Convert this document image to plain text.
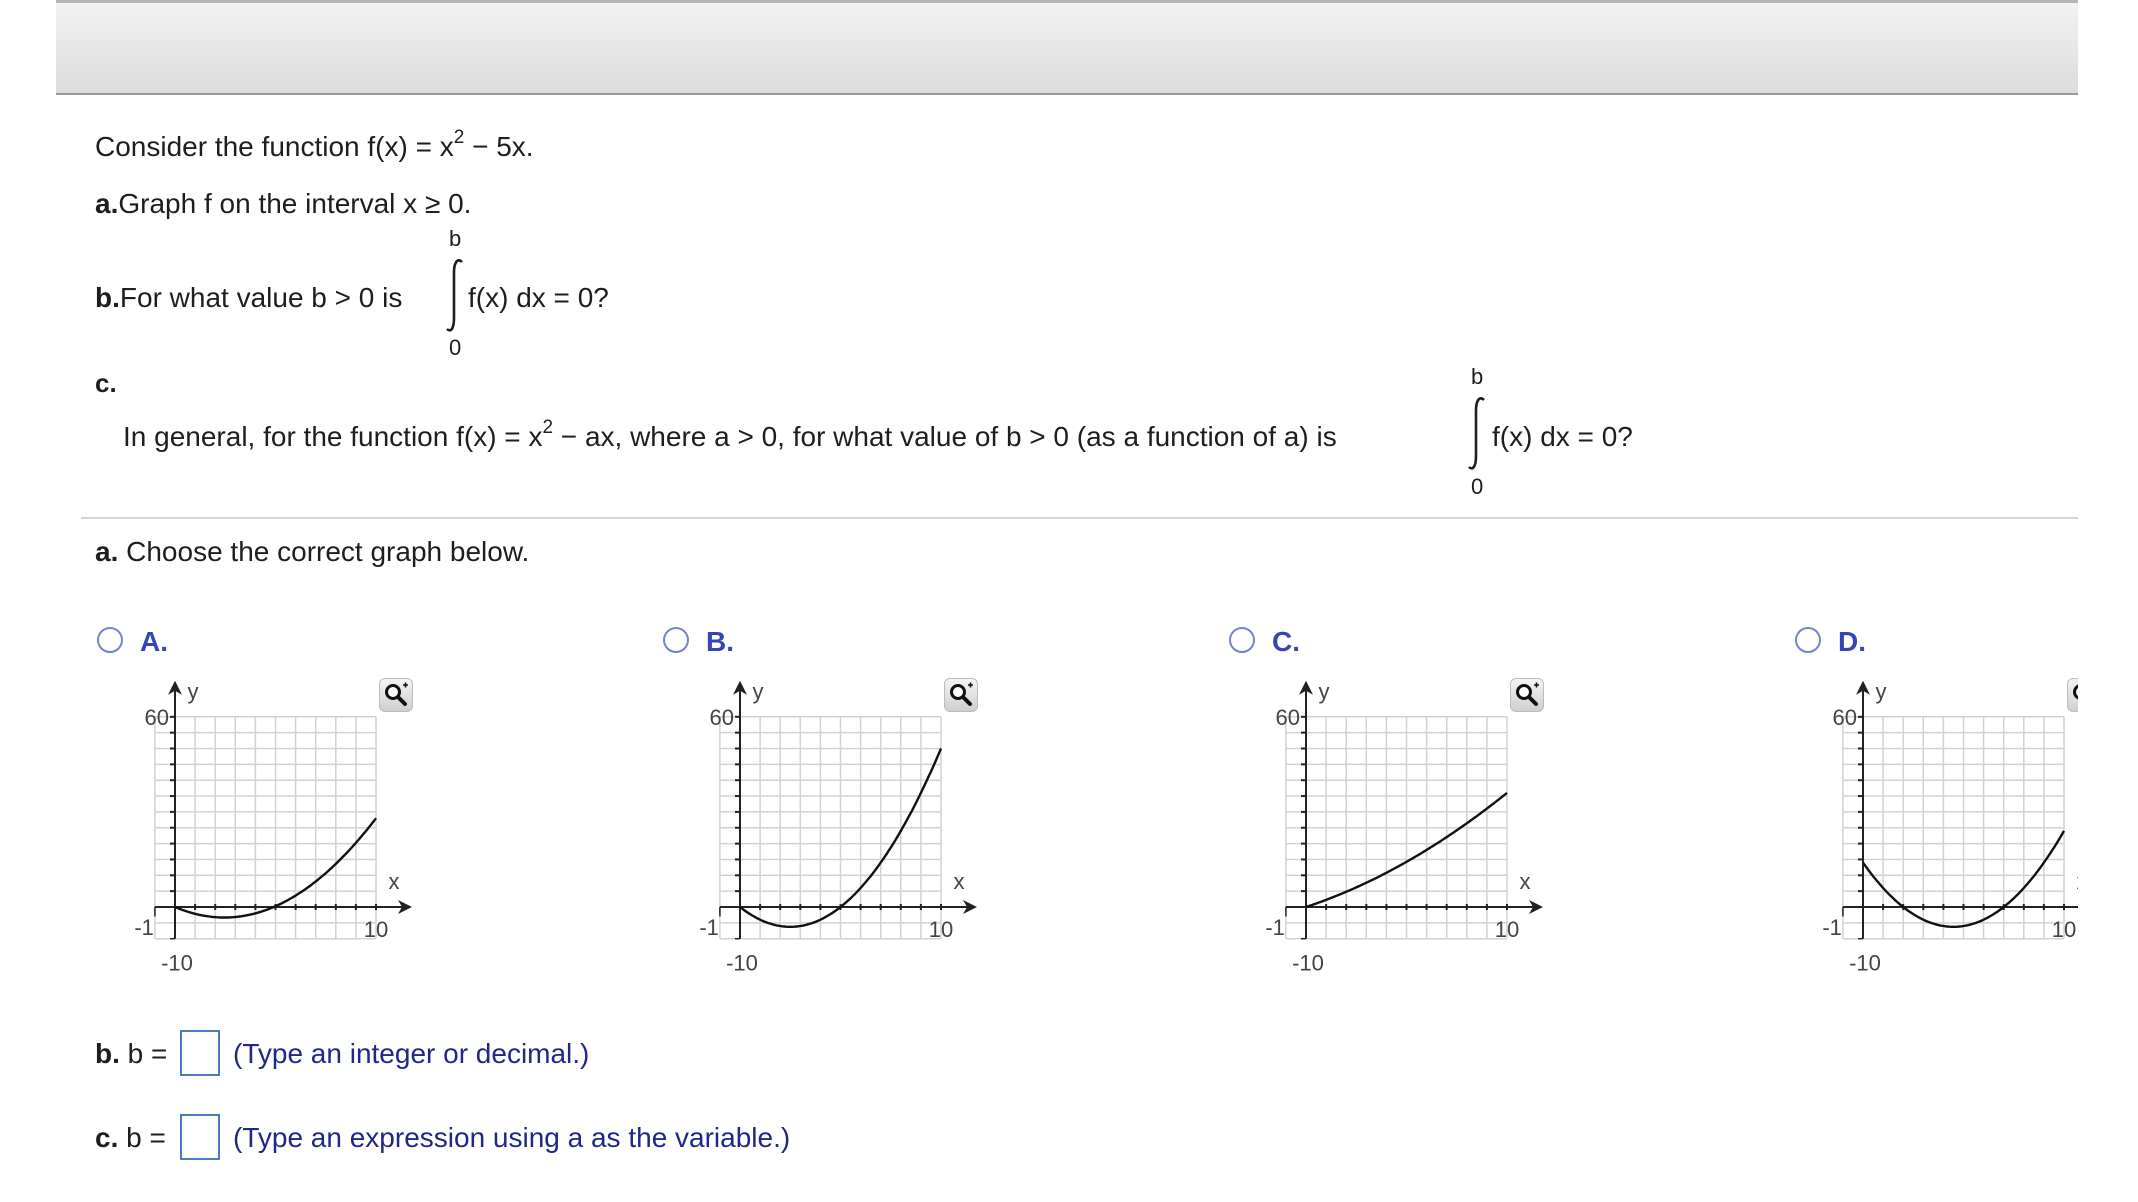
Consider the function $f(x) = x^2 - 5x$.
a.Graph f on the interval x ≥ 0.
b.For what value b > 0 is
b
f(x) dx = 0?
0
c.
In general, for the function $f(x) = x^2$ − ax, where a > 0, for what value of b > 0 (as a function of a) is
b
f(x) dx = 0?
0
a. Choose the correct graph below.
A.
60
-10
-1	10
x
y
B.
60
-10
-1	10
x
y
C.
60
-10
-1	10
x
y
D.
60
-10
-1	10
x
y
b. b = (Type an integer or decimal.)
c. b = (Type an expression using a as the variable.)
